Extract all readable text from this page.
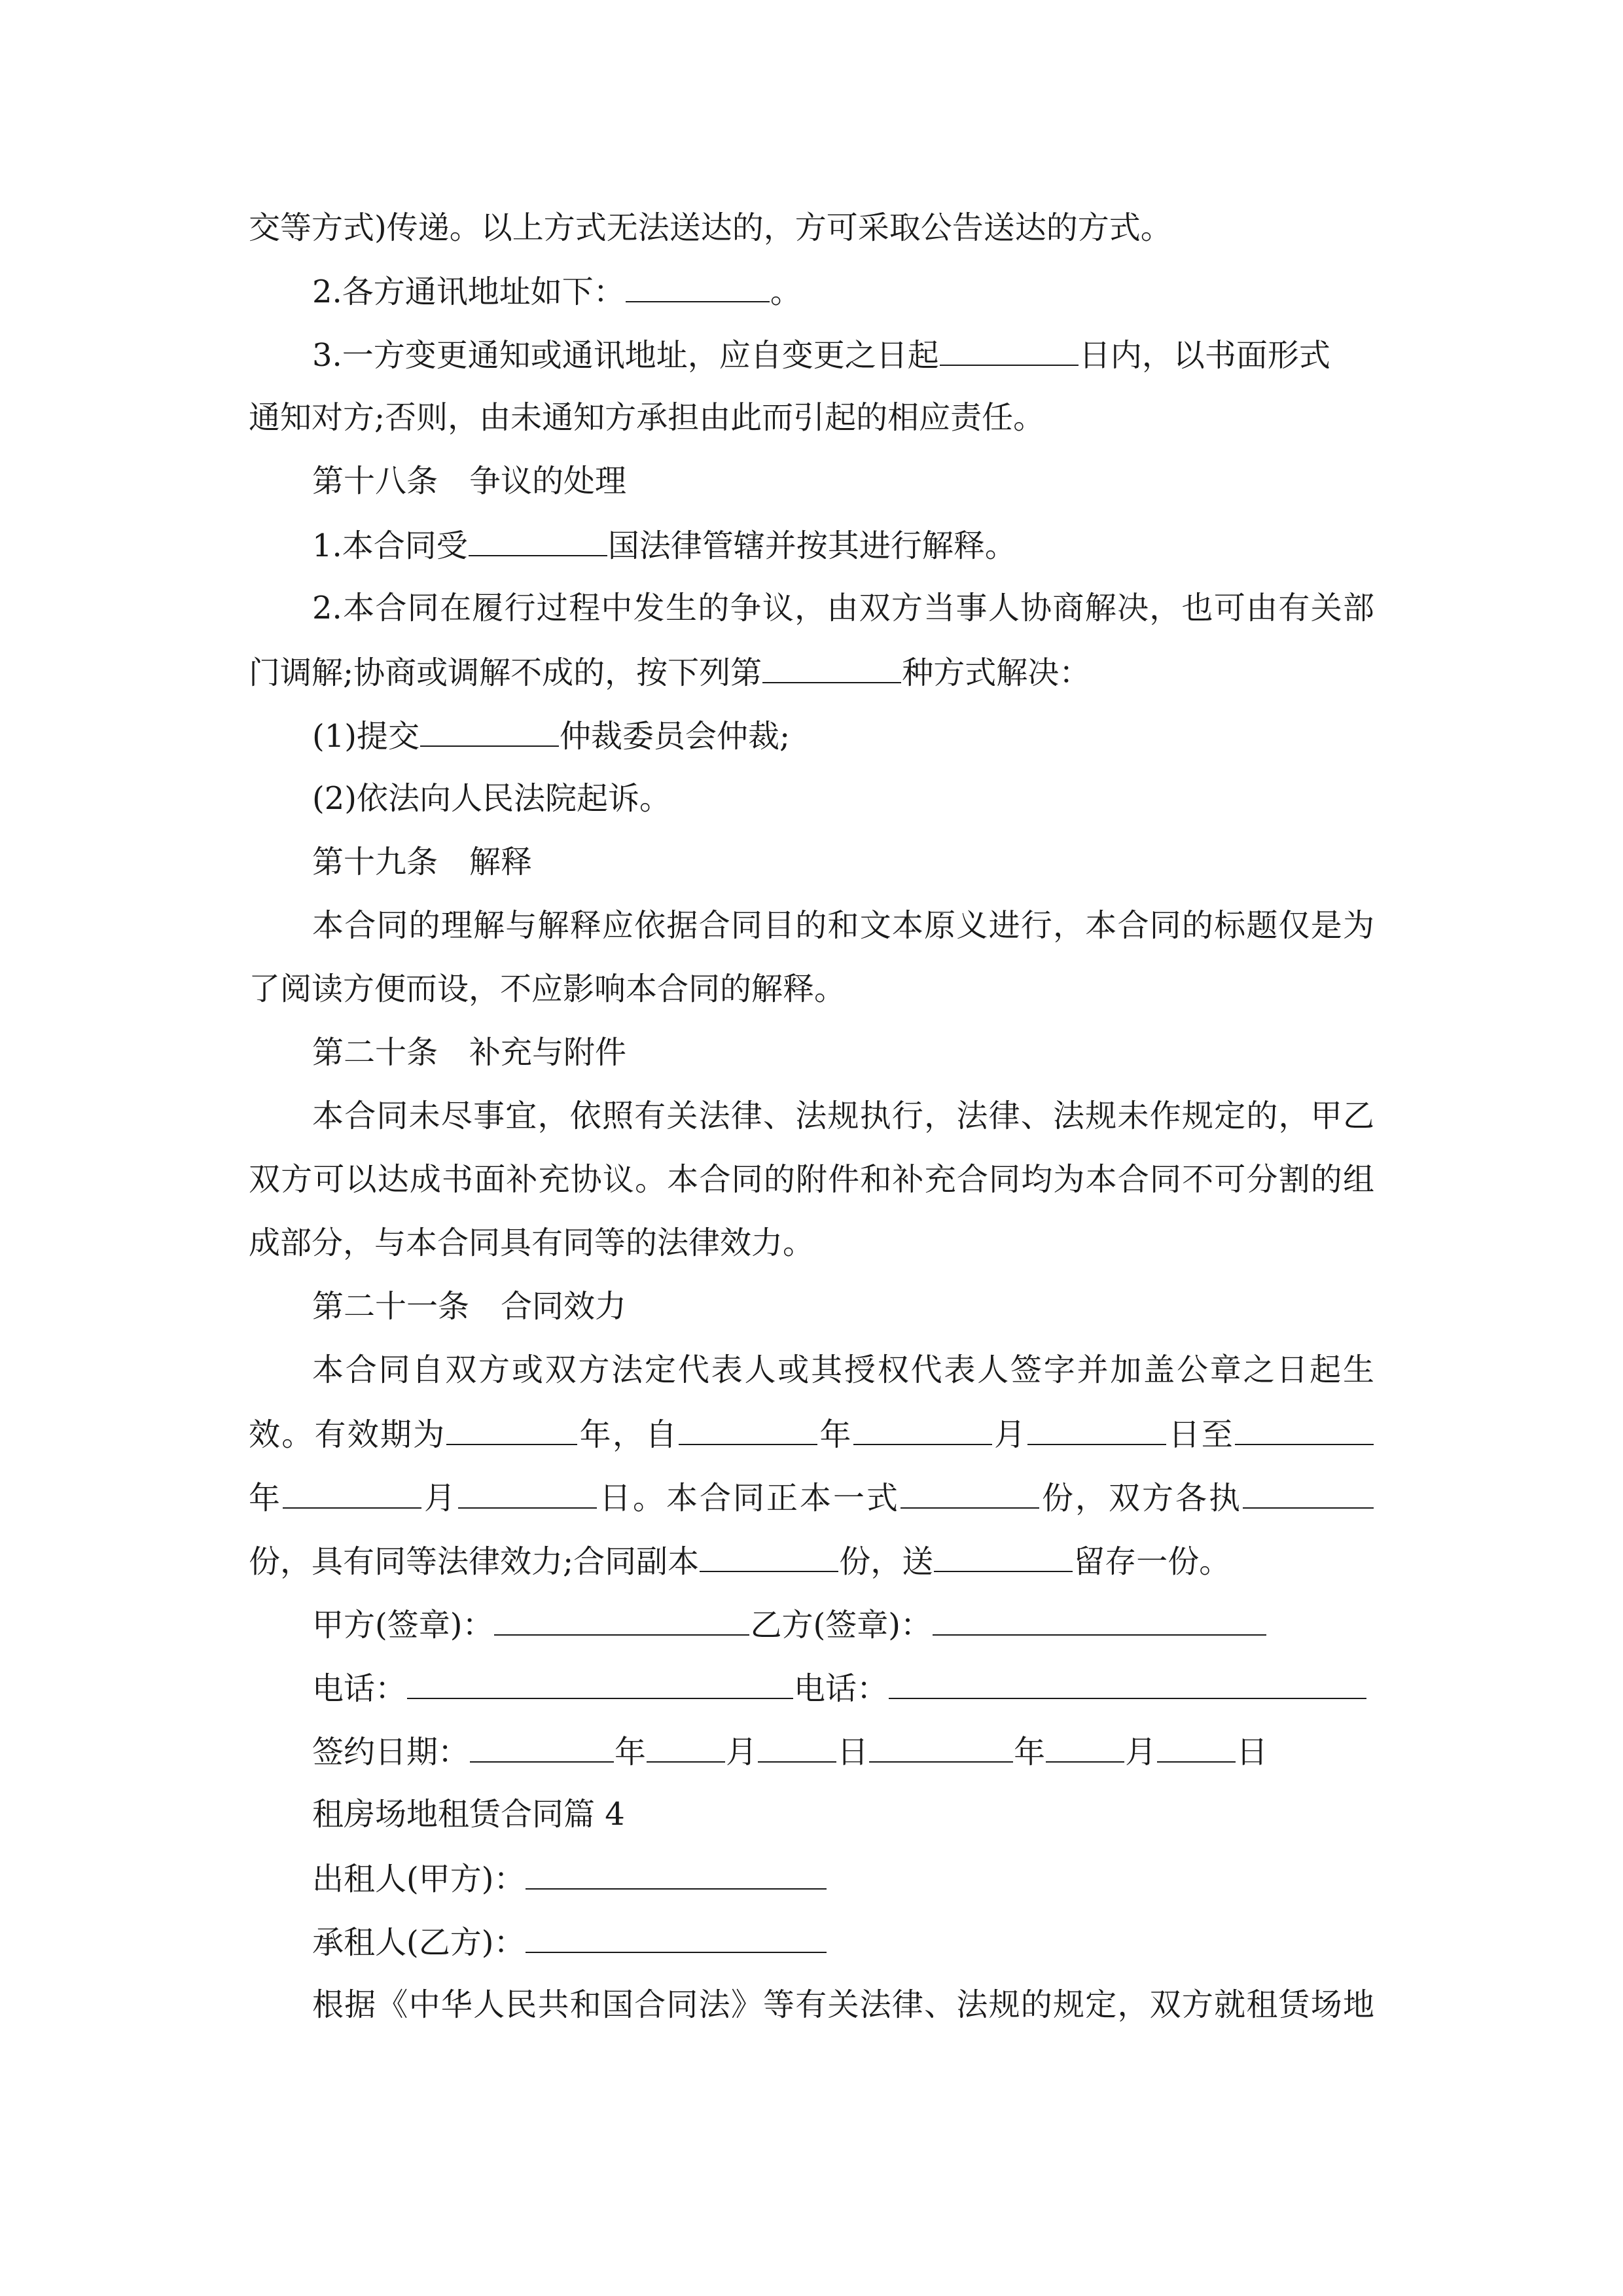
交等方式)传递。以上方式无法送达的，方可采取公告送达的方式。
2.各方通讯地址如下：	。
3.一方变更通知或通讯地址，应自变更之日起	日内，以书面形式
通知对方;否则，由未通知方承担由此而引起的相应责任。
第十八条　争议的处理
1.本合同受	国法律管辖并按其进行解释。
2.本合同在履行过程中发生的争议，由双方当事人协商解决，也可由有关部
门调解;协商或调解不成的，按下列第	种方式解决：
(1)提交	仲裁委员会仲裁;
(2)依法向人民法院起诉。
第十九条　解释
本合同的理解与解释应依据合同目的和文本原义进行，本合同的标题仅是为
了阅读方便而设，不应影响本合同的解释。
第二十条　补充与附件
本合同未尽事宜，依照有关法律、法规执行，法律、法规未作规定的，甲乙
双方可以达成书面补充协议。本合同的附件和补充合同均为本合同不可分割的组
成部分，与本合同具有同等的法律效力。
第二十一条　合同效力
本合同自双方或双方法定代表人或其授权代表人签字并加盖公章之日起生
效。有效期为	年，自	年	月	日至
年	月	日。本合同正本一式	份，双方各执
份，具有同等法律效力;合同副本	份，送	留存一份。
甲方(签章)：	乙方(签章)：
电话：	电话：
签约日期：	年	月	日	年	月	日
租房场地租赁合同篇 4
出租人(甲方)：
承租人(乙方)：
根据《中华人民共和国合同法》等有关法律、法规的规定，双方就租赁场地
